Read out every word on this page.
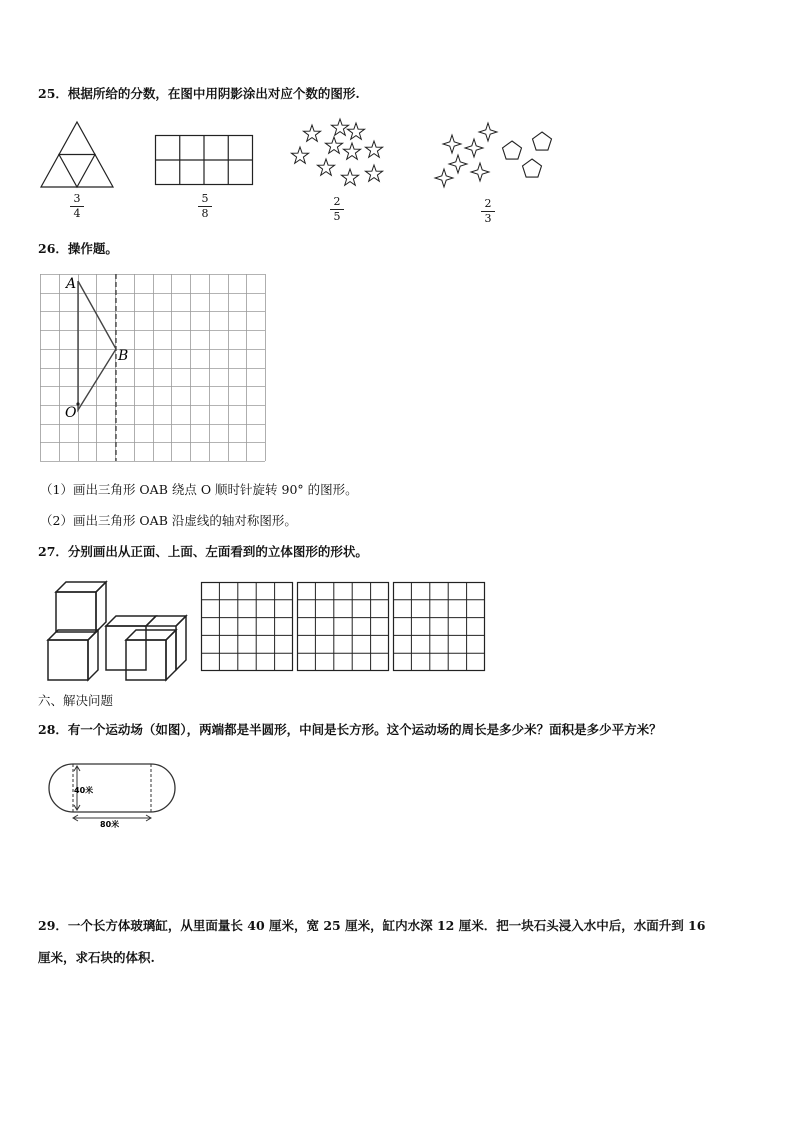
25．根据所给的分数，在图中用阴影涂出对应个数的图形.
3
4
5
8
2
5
2
3
26．操作题。
A
B
O
（1）画出三角形 OAB 绕点 O 顺时针旋转 90° 的图形。
（2）画出三角形 OAB 沿虚线的轴对称图形。
27．分别画出从正面、上面、左面看到的立体图形的形状。
六、解决问题
28．有一个运动场（如图），两端都是半圆形，中间是长方形。这个运动场的周长是多少米？面积是多少平方米？
40米
80米
29．一个长方体玻璃缸，从里面量长 40 厘米，宽 25 厘米，缸内水深 12 厘米．把一块石头浸入水中后，水面升到 16
厘米，求石块的体积.
